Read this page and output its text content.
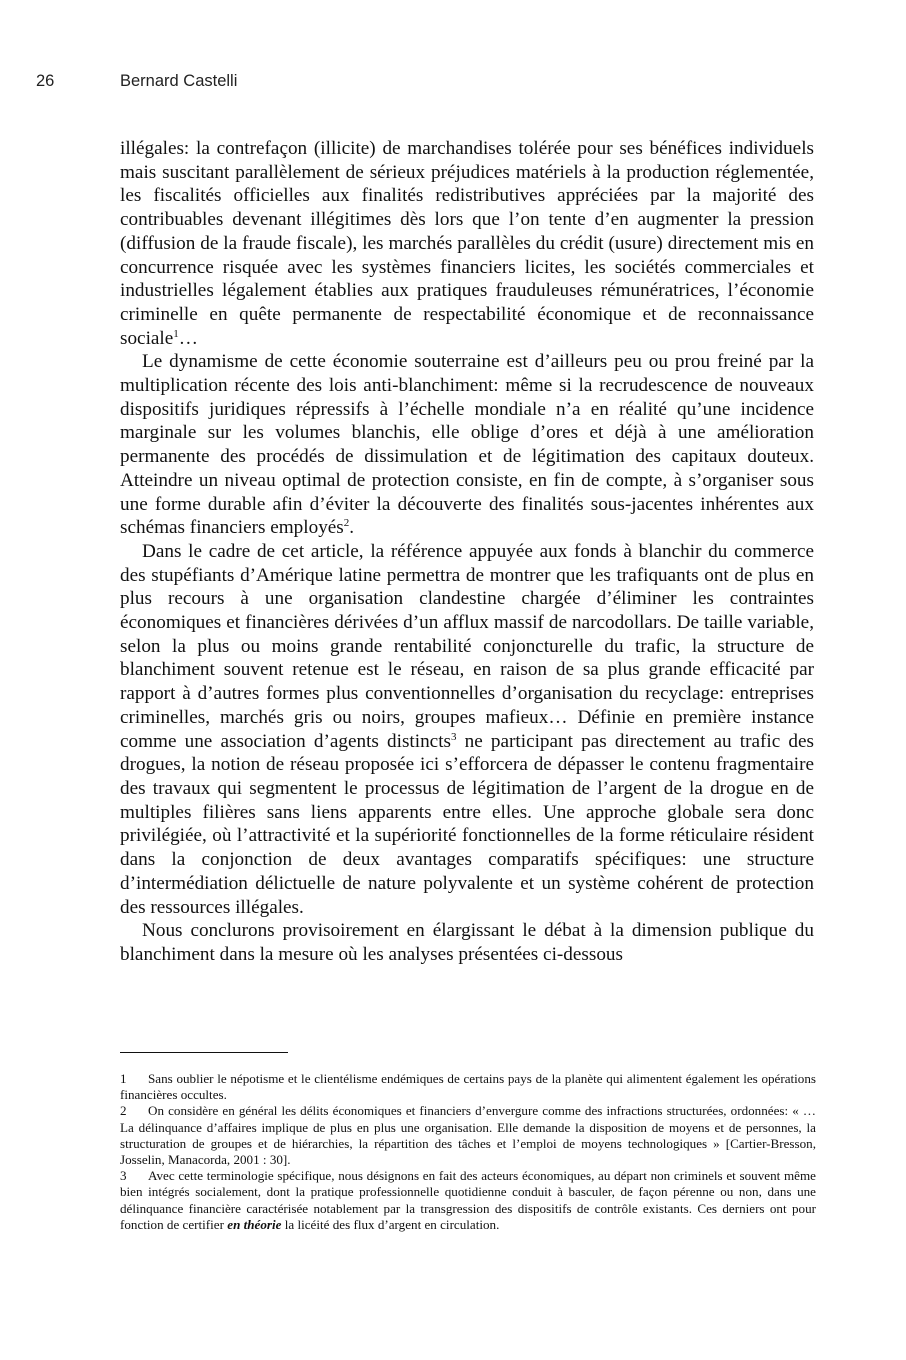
26	Bernard Castelli

illégales: la contrefaçon (illicite) de marchandises tolérée pour ses bénéfices individuels mais suscitant parallèlement de sérieux préjudices matériels à la production réglementée, les fiscalités officielles aux finalités redistributives appréciées par la majorité des contribuables devenant illégitimes dès lors que l’on tente d’en augmenter la pression (diffusion de la fraude fiscale), les marchés parallèles du crédit (usure) directement mis en concurrence risquée avec les systèmes financiers licites, les sociétés commerciales et industrielles légalement établies aux pratiques frauduleuses rémunératrices, l’économie criminelle en quête permanente de respectabilité économique et de reconnaissance sociale$^1$…

Le dynamisme de cette économie souterraine est d’ailleurs peu ou prou freiné par la multiplication récente des lois anti-blanchiment: même si la recrudescence de nouveaux dispositifs juridiques répressifs à l’échelle mondiale n’a en réalité qu’une incidence marginale sur les volumes blanchis, elle oblige d’ores et déjà à une amélioration permanente des procédés de dissimulation et de légitimation des capitaux douteux. Atteindre un niveau optimal de protection consiste, en fin de compte, à s’organiser sous une forme durable afin d’éviter la découverte des finalités sous-jacentes inhérentes aux schémas financiers employés$^2$.

Dans le cadre de cet article, la référence appuyée aux fonds à blanchir du commerce des stupéfiants d’Amérique latine permettra de montrer que les trafiquants ont de plus en plus recours à une organisation clandestine chargée d’éliminer les contraintes économiques et financières dérivées d’un afflux massif de narcodollars. De taille variable, selon la plus ou moins grande rentabilité conjoncturelle du trafic, la structure de blanchiment souvent retenue est le réseau, en raison de sa plus grande efficacité par rapport à d’autres formes plus conventionnelles d’organisation du recyclage: entreprises criminelles, marchés gris ou noirs, groupes mafieux… Définie en première instance comme une association d’agents distincts$^3$ ne participant pas directement au trafic des drogues, la notion de réseau proposée ici s’efforcera de dépasser le contenu fragmentaire des travaux qui segmentent le processus de légitimation de l’argent de la drogue en de multiples filières sans liens apparents entre elles. Une approche globale sera donc privilégiée, où l’attractivité et la supériorité fonctionnelles de la forme réticulaire résident dans la conjonction de deux avantages comparatifs spécifiques: une structure d’intermédiation délictuelle de nature polyvalente et un système cohérent de protection des ressources illégales.

Nous conclurons provisoirement en élargissant le débat à la dimension publique du blanchiment dans la mesure où les analyses présentées ci-dessous

1 Sans oublier le népotisme et le clientélisme endémiques de certains pays de la planète qui alimentent également les opérations financières occultes.

2 On considère en général les délits économiques et financiers d’envergure comme des infractions structurées, ordonnées: « … La délinquance d’affaires implique de plus en plus une organisation. Elle demande la disposition de moyens et de personnes, la structuration de groupes et de hiérarchies, la répartition des tâches et l’emploi de moyens technologiques » [Cartier-Bresson, Josselin, Manacorda, 2001 : 30].

3 Avec cette terminologie spécifique, nous désignons en fait des acteurs économiques, au départ non criminels et souvent même bien intégrés socialement, dont la pratique professionnelle quotidienne conduit à basculer, de façon pérenne ou non, dans une délinquance financière caractérisée notablement par la transgression des dispositifs de contrôle existants. Ces derniers ont pour fonction de certifier en théorie la licéité des flux d’argent en circulation.
